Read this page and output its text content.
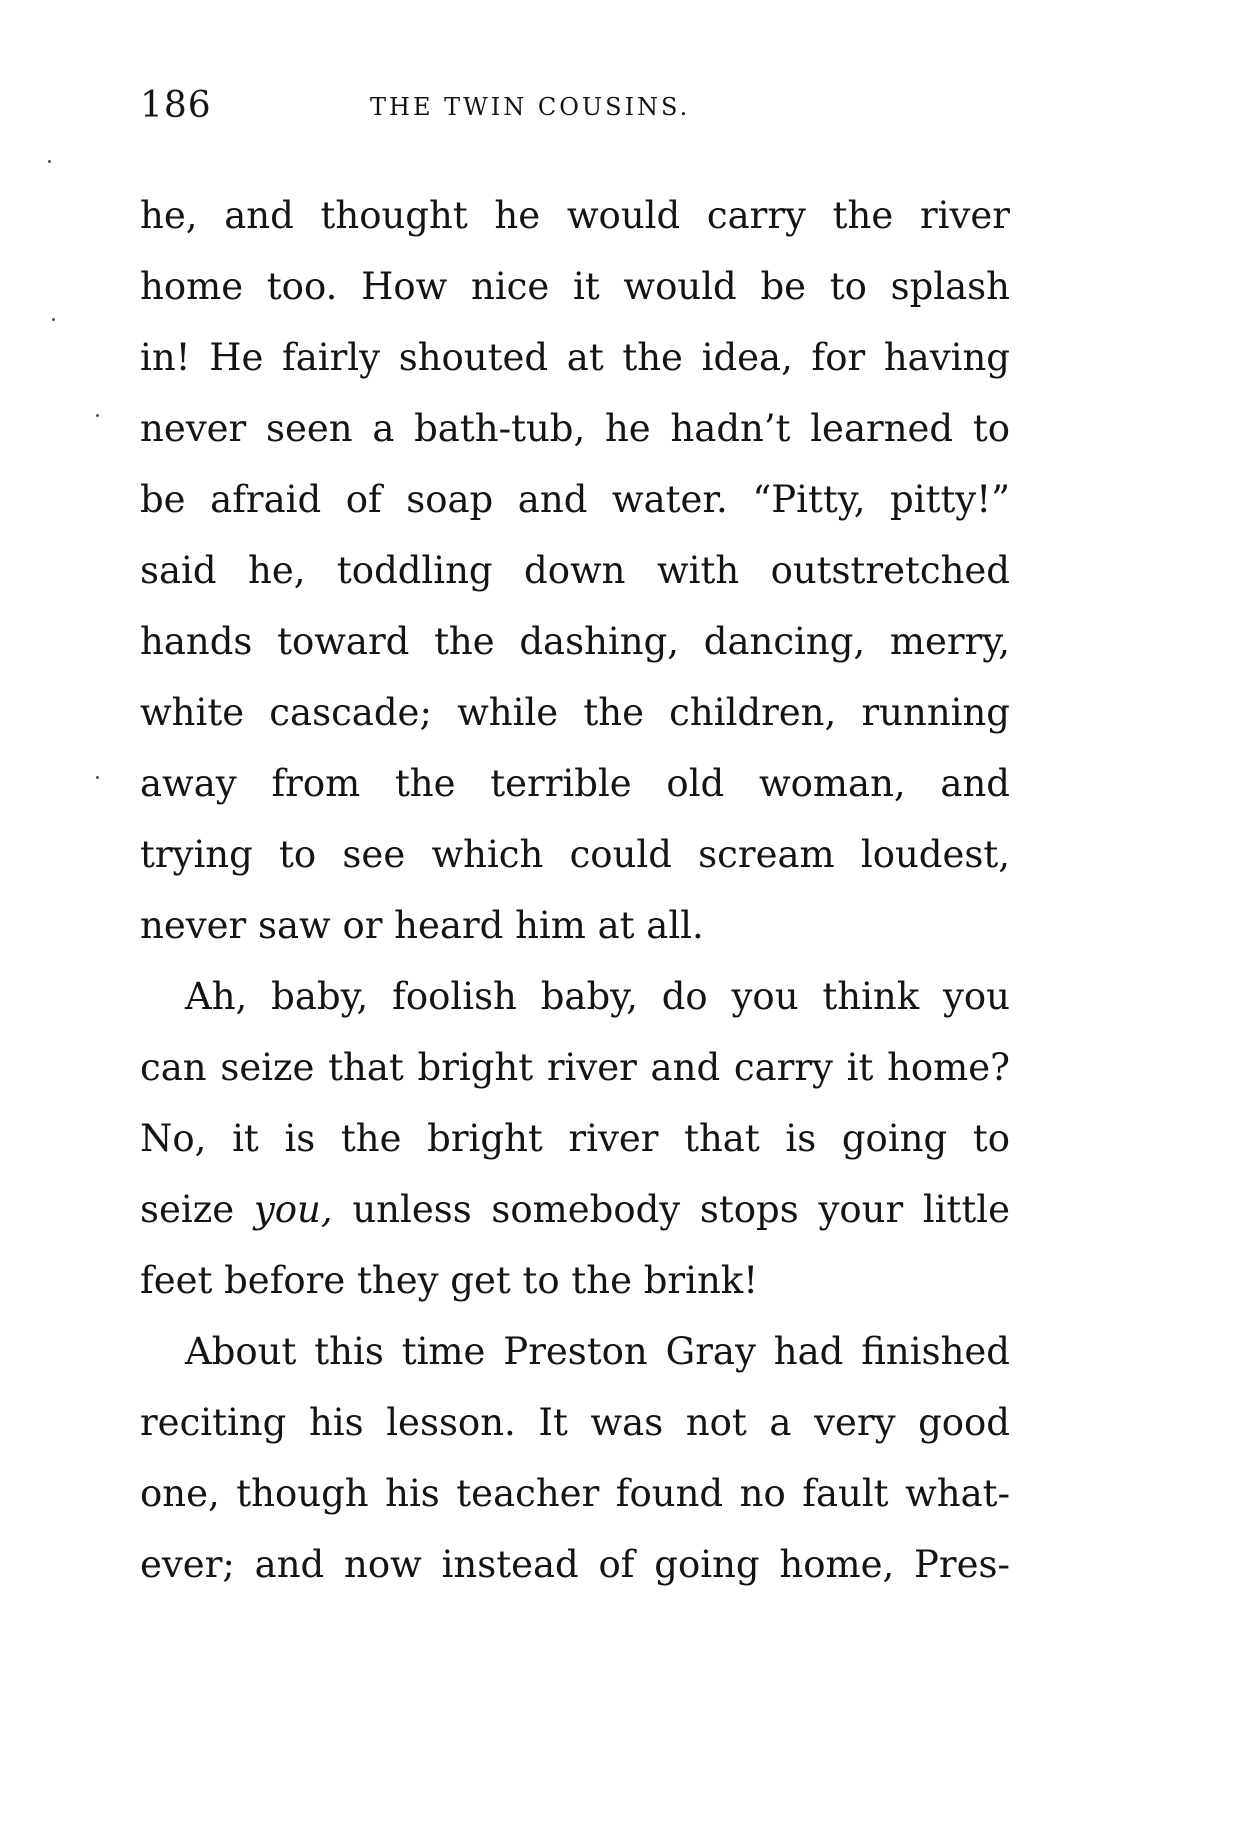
186	THE TWIN COUSINS.
he, and thought he would carry the river
home too. How nice it would be to splash
in! He fairly shouted at the idea, for having
never seen a bath-tub, he hadn’t learned to
be afraid of soap and water. “Pitty, pitty!”
said he, toddling down with outstretched
hands toward the dashing, dancing, merry,
white cascade; while the children, running
away from the terrible old woman, and
trying to see which could scream loudest,
never saw or heard him at all.
Ah, baby, foolish baby, do you think you
can seize that bright river and carry it home?
No, it is the bright river that is going to
seize you, unless somebody stops your little
feet before they get to the brink!
About this time Preston Gray had finished
reciting his lesson. It was not a very good
one, though his teacher found no fault what-
ever; and now instead of going home, Pres-
